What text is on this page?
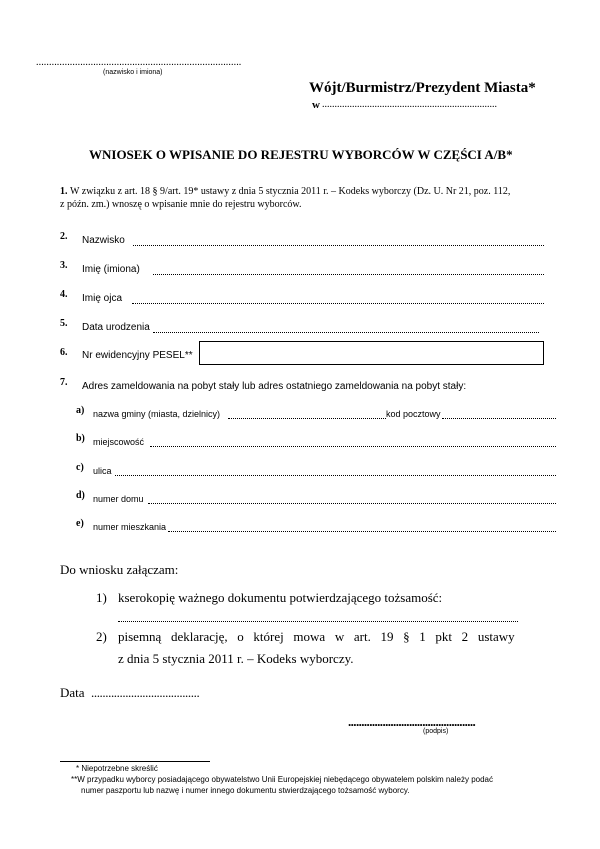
...............................................................................
(nazwisko i imiona)
Wójt/Burmistrz/Prezydent Miasta*
w ......................................................................
WNIOSEK O WPISANIE DO REJESTRU WYBORCÓW W CZĘŚCI A/B*
1. W związku z art. 18 § 9/art. 19* ustawy z dnia 5 stycznia 2011 r. – Kodeks wyborczy (Dz. U. Nr 21, poz. 112,
z późn. zm.) wnoszę o wpisanie mnie do rejestru wyborców.
2. Nazwisko
3. Imię (imiona)
4. Imię ojca
5. Data urodzenia
6. Nr ewidencyjny PESEL**
7. Adres zameldowania na pobyt stały lub adres ostatniego zameldowania na pobyt stały:
a) nazwa gminy (miasta, dzielnicy)	kod pocztowy
b) miejscowość
c) ulica
d) numer domu
e) numer mieszkania
Do wniosku załączam:
1) kserokopię ważnego dokumentu potwierdzającego tożsamość:
2) pisemną deklarację, o której mowa w art. 19 § 1 pkt 2 ustawy
z dnia 5 stycznia 2011 r. – Kodeks wyborczy.
Data ......................................
................................................
(podpis)
* Niepotrzebne skreślić
**W przypadku wyborcy posiadającego obywatelstwo Unii Europejskiej niebędącego obywatelem polskim należy podać
numer paszportu lub nazwę i numer innego dokumentu stwierdzającego tożsamość wyborcy.
